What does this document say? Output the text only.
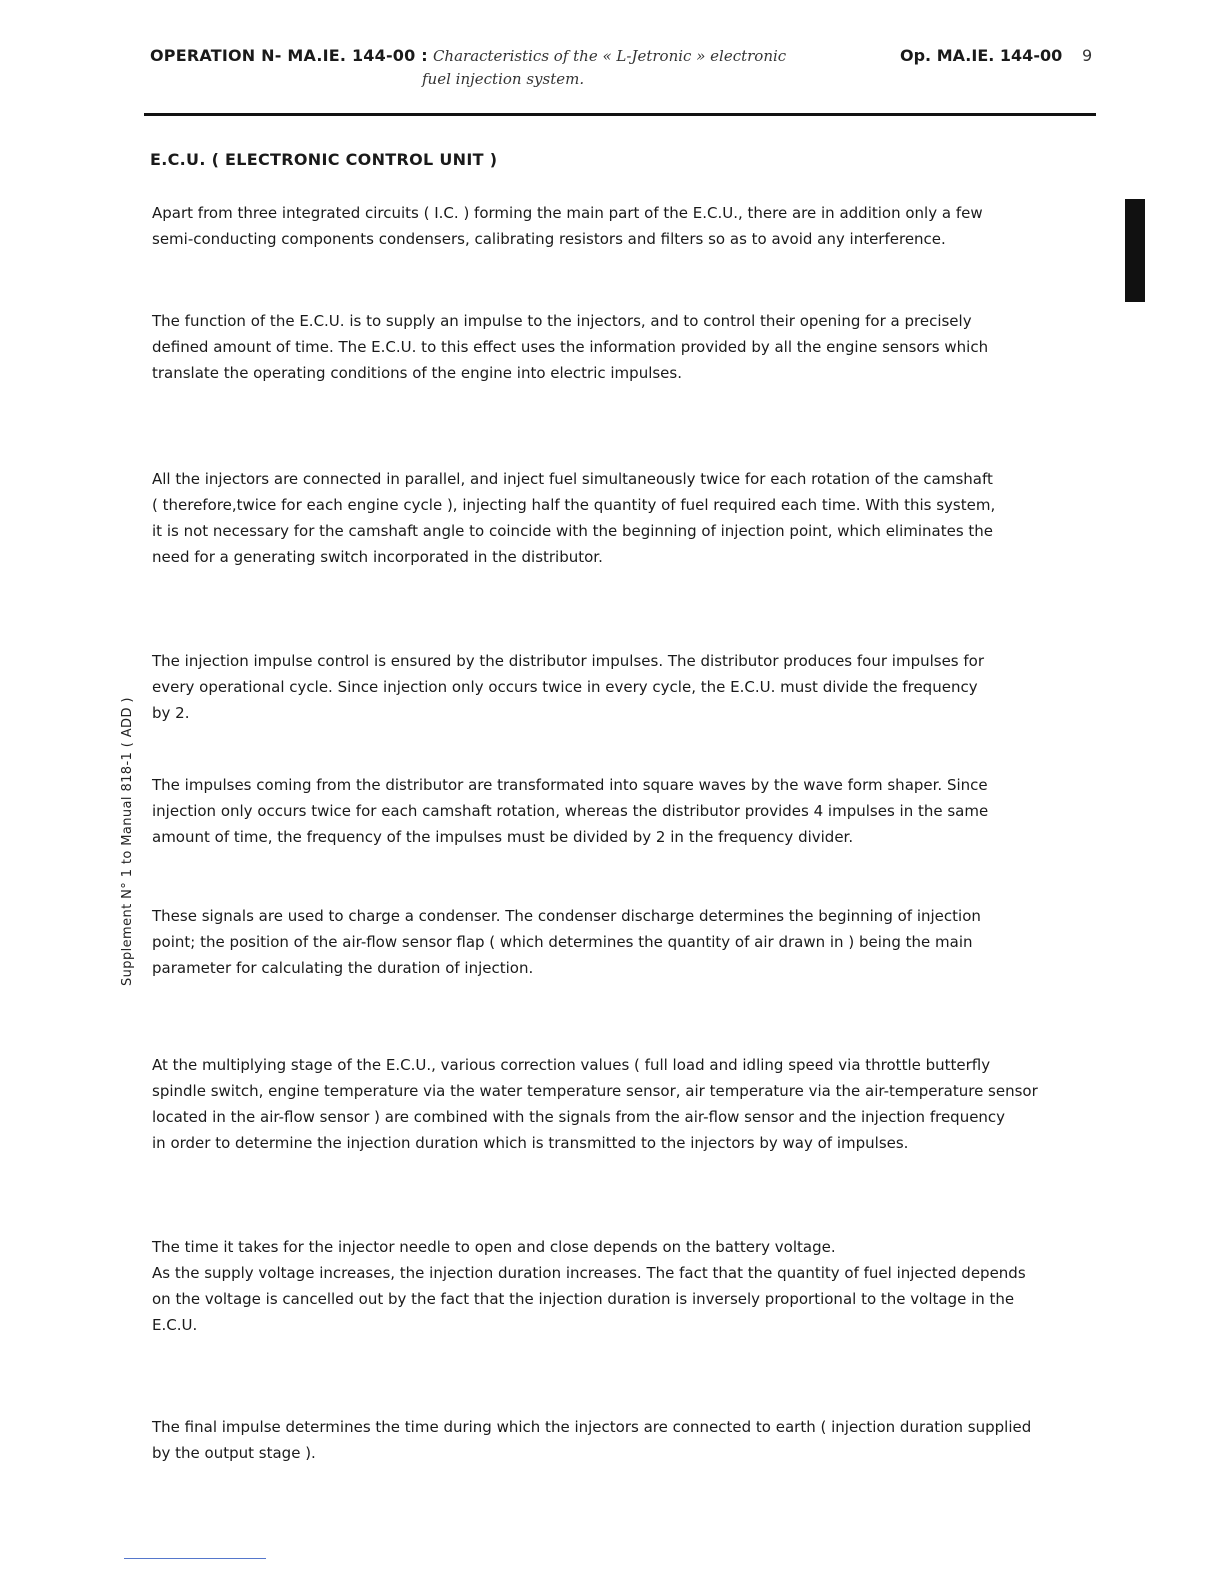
OPERATION N- MA.IE. 144-00 : Characteristics of the « L-Jetronic » electronic
fuel injection system.
Op. MA.IE. 144-00 9
E.C.U. ( ELECTRONIC CONTROL UNIT )
Supplement N° 1 to Manual 818-1 ( ADD )
Apart from three integrated circuits ( I.C. ) forming the main part of the E.C.U., there are in addition only a few
semi-conducting components condensers, calibrating resistors and filters so as to avoid any interference.
The function of the E.C.U. is to supply an impulse to the injectors, and to control their opening for a precisely
defined amount of time. The E.C.U. to this effect uses the information provided by all the engine sensors which
translate the operating conditions of the engine into electric impulses.
All the injectors are connected in parallel, and inject fuel simultaneously twice for each rotation of the camshaft
( therefore,twice for each engine cycle ), injecting half the quantity of fuel required each time. With this system,
it is not necessary for the camshaft angle to coincide with the beginning of injection point, which eliminates the
need for a generating switch incorporated in the distributor.
The injection impulse control is ensured by the distributor impulses. The distributor produces four impulses for
every operational cycle. Since injection only occurs twice in every cycle, the E.C.U. must divide the frequency
by 2.
The impulses coming from the distributor are transformated into square waves by the wave form shaper. Since
injection only occurs twice for each camshaft rotation, whereas the distributor provides 4 impulses in the same
amount of time, the frequency of the impulses must be divided by 2 in the frequency divider.
These signals are used to charge a condenser. The condenser discharge determines the beginning of injection
point; the position of the air-flow sensor flap ( which determines the quantity of air drawn in ) being the main
parameter for calculating the duration of injection.
At the multiplying stage of the E.C.U., various correction values ( full load and idling speed via throttle butterfly
spindle switch, engine temperature via the water temperature sensor, air temperature via the air-temperature sensor
located in the air-flow sensor ) are combined with the signals from the air-flow sensor and the injection frequency
in order to determine the injection duration which is transmitted to the injectors by way of impulses.
The time it takes for the injector needle to open and close depends on the battery voltage.
As the supply voltage increases, the injection duration increases. The fact that the quantity of fuel injected depends
on the voltage is cancelled out by the fact that the injection duration is inversely proportional to the voltage in the
E.C.U.
The final impulse determines the time during which the injectors are connected to earth ( injection duration supplied
by the output stage ).
